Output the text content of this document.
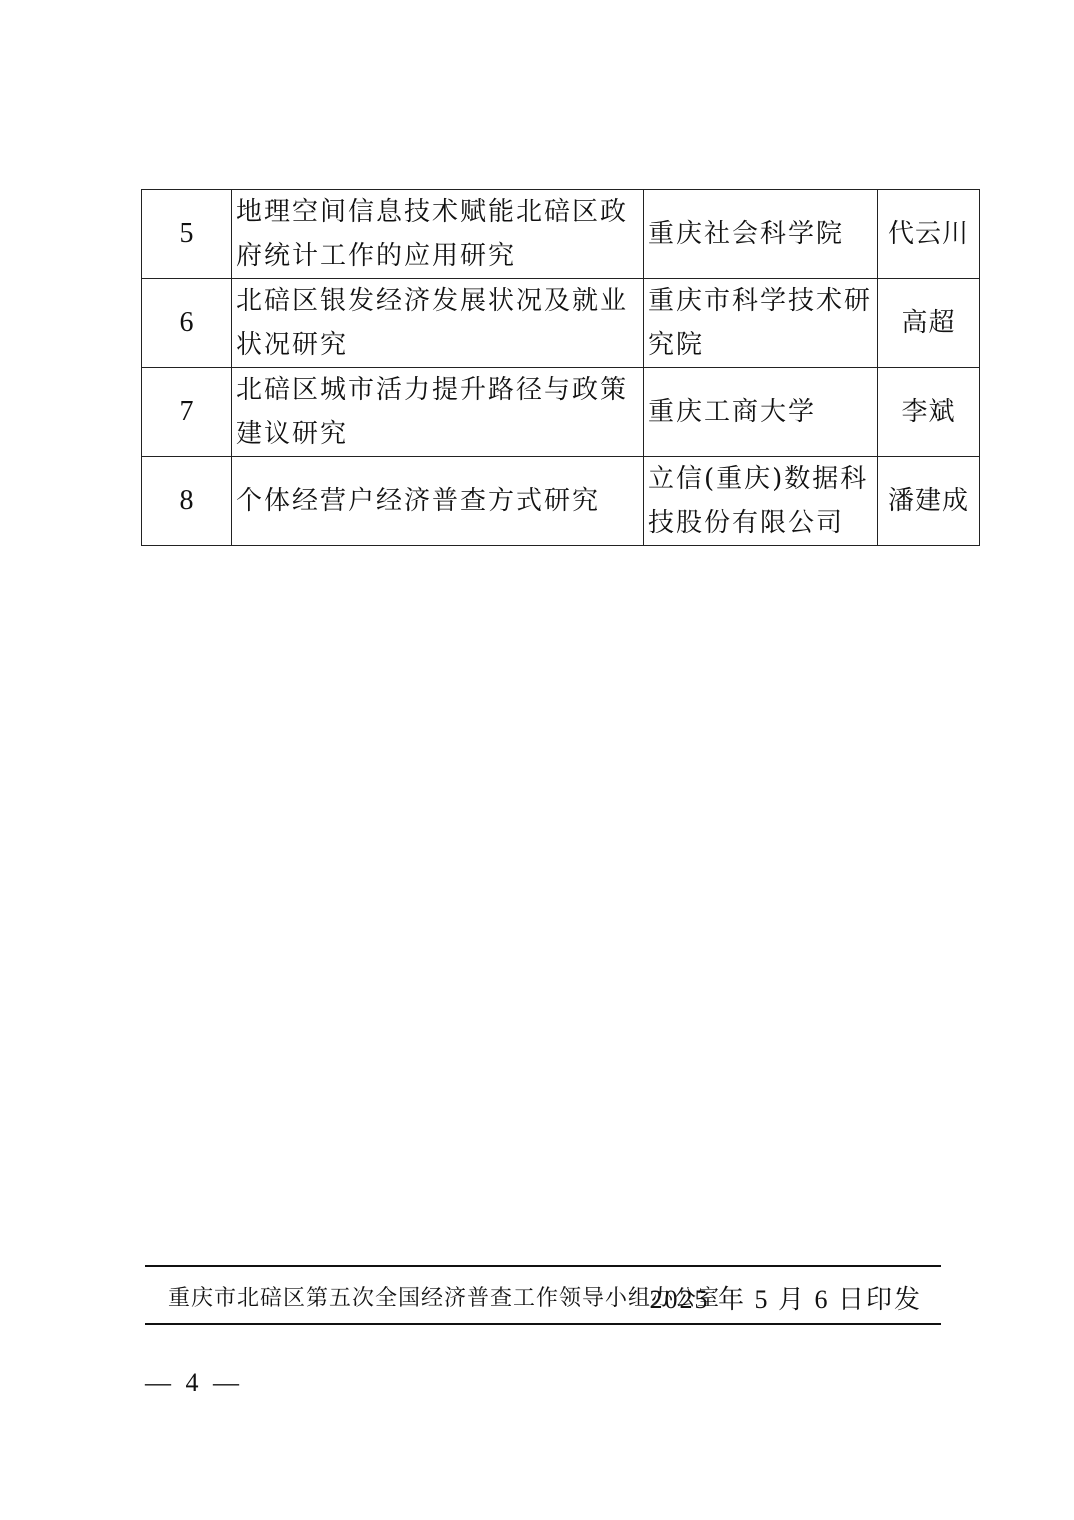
5	地理空间信息技术赋能北碚区政府统计工作的应用研究	重庆社会科学院	代云川
6	北碚区银发经济发展状况及就业状况研究	重庆市科学技术研究院	高超
7	北碚区城市活力提升路径与政策建议研究	重庆工商大学	李斌
8	个体经营户经济普查方式研究	立信(重庆)数据科技股份有限公司	潘建成
重庆市北碚区第五次全国经济普查工作领导小组办公室
2025 年 5 月 6 日印发
— 4 —
